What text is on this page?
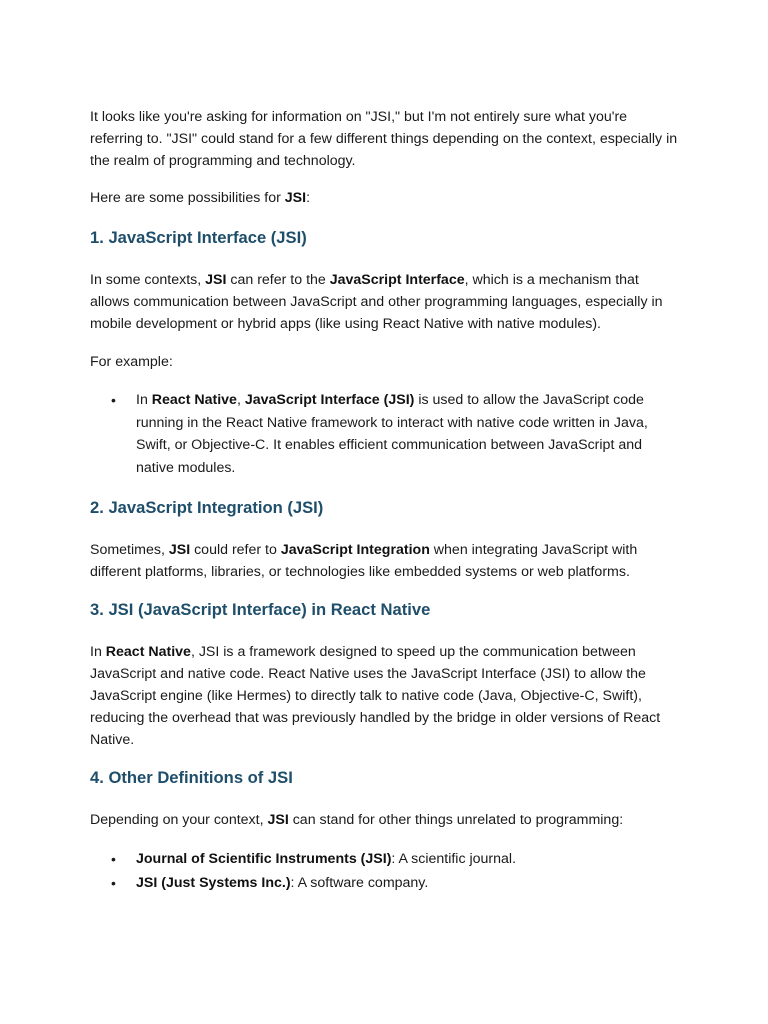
It looks like you're asking for information on "JSI," but I'm not entirely sure what you're referring to. "JSI" could stand for a few different things depending on the context, especially in the realm of programming and technology.

Here are some possibilities for JSI:

1. JavaScript Interface (JSI)

In some contexts, JSI can refer to the JavaScript Interface, which is a mechanism that allows communication between JavaScript and other programming languages, especially in mobile development or hybrid apps (like using React Native with native modules).

For example:

• In React Native, JavaScript Interface (JSI) is used to allow the JavaScript code running in the React Native framework to interact with native code written in Java, Swift, or Objective-C. It enables efficient communication between JavaScript and native modules.
2. JavaScript Integration (JSI)

Sometimes, JSI could refer to JavaScript Integration when integrating JavaScript with different platforms, libraries, or technologies like embedded systems or web platforms.

3. JSI (JavaScript Interface) in React Native

In React Native, JSI is a framework designed to speed up the communication between JavaScript and native code. React Native uses the JavaScript Interface (JSI) to allow the JavaScript engine (like Hermes) to directly talk to native code (Java, Objective-C, Swift), reducing the overhead that was previously handled by the bridge in older versions of React Native.

4. Other Definitions of JSI

Depending on your context, JSI can stand for other things unrelated to programming:

• Journal of Scientific Instruments (JSI): A scientific journal.
• JSI (Just Systems Inc.): A software company.
